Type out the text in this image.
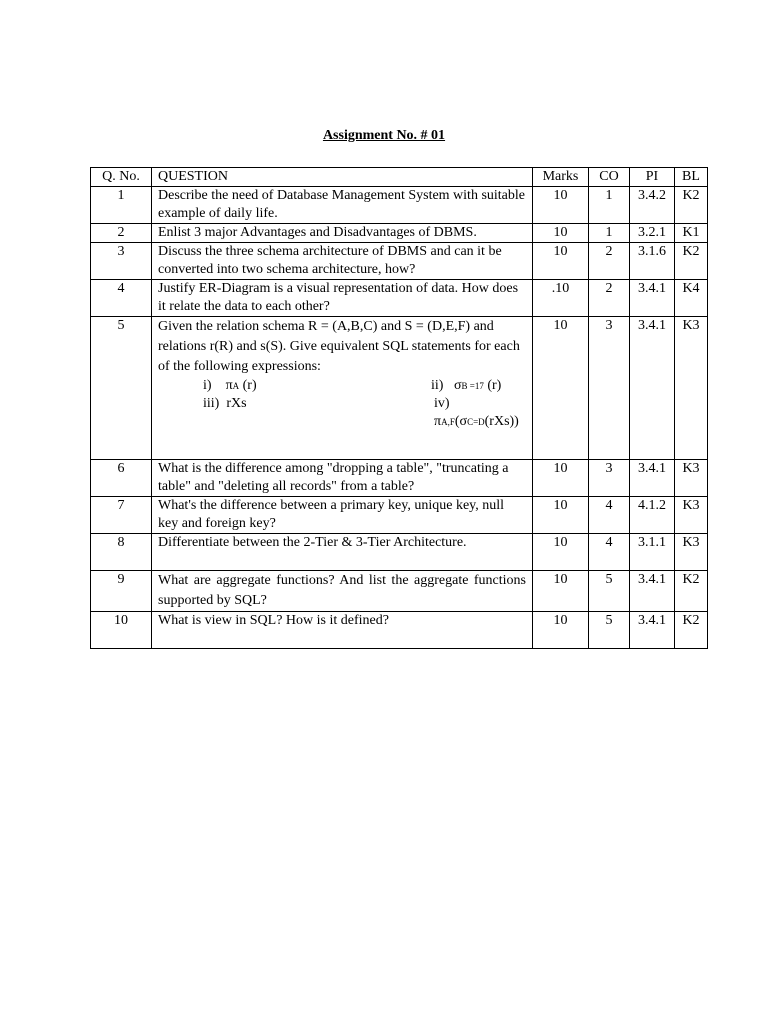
Assignment No. # 01
Q. No.	QUESTION	Marks	CO	PI	BL
1	Describe the need of Database Management System with suitable example of daily life.	10	1	3.4.2	K2
2	Enlist 3 major Advantages and Disadvantages of DBMS.	10	1	3.2.1	K1
3	Discuss the three schema architecture of DBMS and can it be converted into two schema architecture, how?	10	2	3.1.6	K2
4	Justify ER-Diagram is a visual representation of data. How does it relate the data to each other?	.10	2	3.4.1	K4
5	Given the relation schema R = (A,B,C) and S = (D,E,F) and relations r(R) and s(S). Give equivalent SQL statements for each of the following expressions:
i) πA (r) ii) σB =17 (r)
iii) rXs iv)  πA,F(σC=D(rXs))	10	3	3.4.1	K3
6	What is the difference among "dropping a table", "truncating a table" and "deleting all records" from a table?	10	3	3.4.1	K3
7	What's the difference between a primary key, unique key, null key and foreign key?	10	4	4.1.2	K3
8	Differentiate between the 2-Tier & 3-Tier Architecture.	10	4	3.1.1	K3
9	What are aggregate functions? And list the aggregate functions supported by SQL?	10	5	3.4.1	K2
10	What is view in SQL? How is it defined?	10	5	3.4.1	K2
